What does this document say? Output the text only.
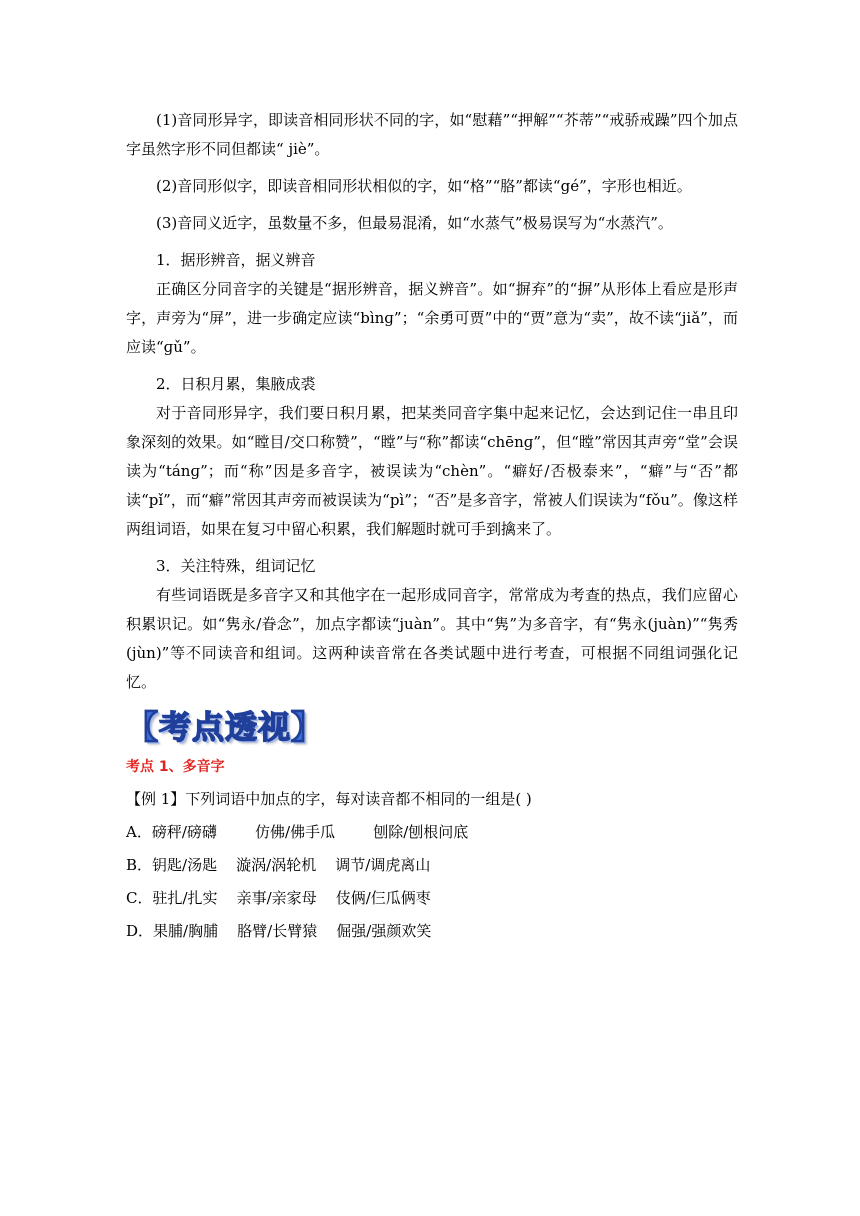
(1)音同形异字，即读音相同形状不同的字，如“慰藉”“押解”“芥蒂”“戒骄戒躁”四个加点字虽然字形不同但都读“ jiè”。

(2)音同形似字，即读音相同形状相似的字，如“格”“胳”都读“gé”，字形也相近。

(3)音同义近字，虽数量不多，但最易混淆，如“水蒸气”极易误写为“水蒸汽”。

1．据形辨音，据义辨音

正确区分同音字的关键是“据形辨音，据义辨音”。如“摒弃”的“摒”从形体上看应是形声字，声旁为“屏”，进一步确定应读“bìnɡ”；“余勇可贾”中的“贾”意为“卖”，故不读“jiǎ”，而应读“ɡǔ”。

2．日积月累，集腋成裘

对于音同形异字，我们要日积月累，把某类同音字集中起来记忆，会达到记住一串且印象深刻的效果。如“瞠目/交口称赞”，“瞠”与“称”都读“chēnɡ”，但“瞠”常因其声旁“堂”会误读为“tánɡ”；而“称”因是多音字，被误读为“chèn”。“癖好/否极泰来”，“癖”与“否”都读“pǐ”，而“癖”常因其声旁而被误读为“pì”；“否”是多音字，常被人们误读为“fǒu”。像这样两组词语，如果在复习中留心积累，我们解题时就可手到擒来了。

3．关注特殊，组词记忆

有些词语既是多音字又和其他字在一起形成同音字，常常成为考查的热点，我们应留心积累识记。如“隽永/眷念”，加点字都读“juàn”。其中“隽”为多音字，有“隽永(juàn)”“隽秀(jùn)”等不同读音和组词。这两种读音常在各类试题中进行考查，可根据不同组词强化记忆。

【考点透视】
考点 1、多音字
【例 1】下列词语中加点的字，每对读音都不相同的一组是( )
A．磅秤/磅礴        仿佛/佛手瓜        刨除/刨根问底
B．钥匙/汤匙    漩涡/涡轮机    调节/调虎离山
C．驻扎/扎实    亲事/亲家母    伎俩/仨瓜俩枣
D．果脯/胸脯    胳臂/长臂猿    倔强/强颜欢笑
